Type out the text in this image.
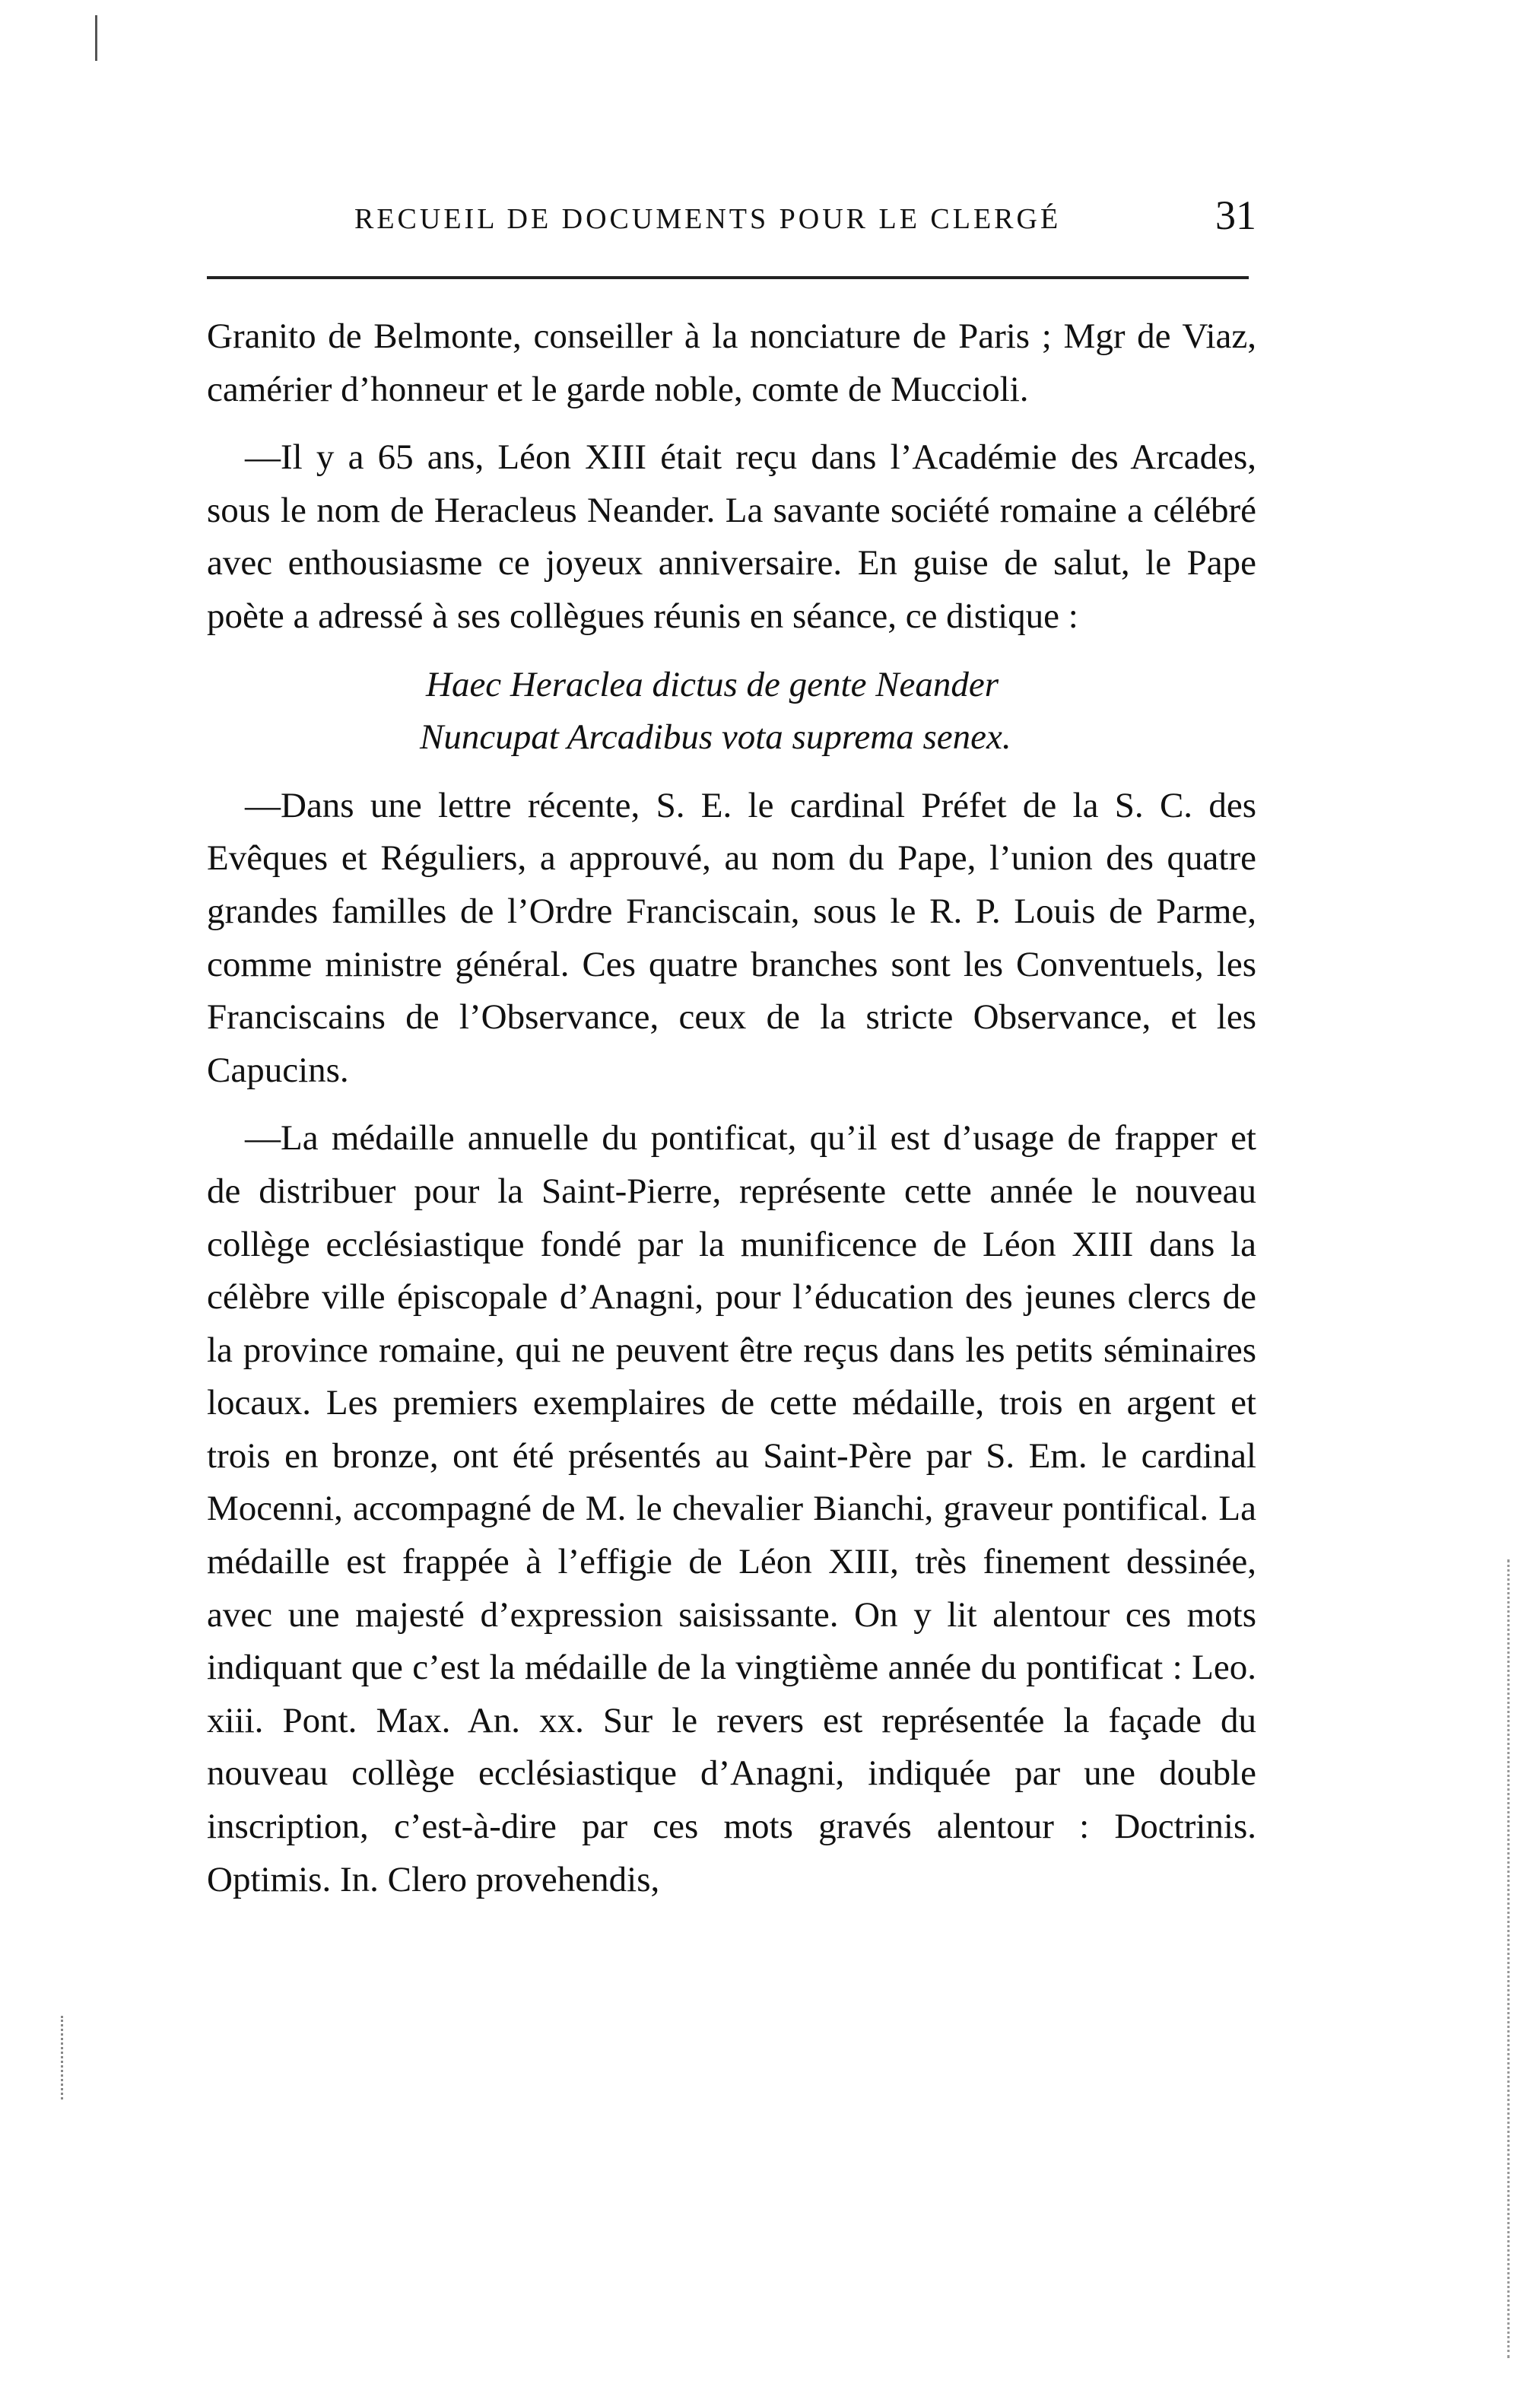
RECUEIL DE DOCUMENTS POUR LE CLERGÉ	31

Granito de Belmonte, conseiller à la nonciature de Paris ; Mgr de Viaz, camérier d’honneur et le garde noble, comte de Muccioli.

—Il y a 65 ans, Léon XIII était reçu dans l’Académie des Arcades, sous le nom de Heracleus Neander. La savante société romaine a célébré avec enthousiasme ce joyeux anniversaire. En guise de salut, le Pape poète a adressé à ses collègues réunis en séance, ce distique :

Haec Heraclea dictus de gente Neander
Nuncupat Arcadibus vota suprema senex.

—Dans une lettre récente, S. E. le cardinal Préfet de la S. C. des Evêques et Réguliers, a approuvé, au nom du Pape, l’union des quatre grandes familles de l’Ordre Franciscain, sous le R. P. Louis de Parme, comme ministre général. Ces quatre branches sont les Conventuels, les Franciscains de l’Observance, ceux de la stricte Observance, et les Capucins.

—La médaille annuelle du pontificat, qu’il est d’usage de frapper et de distribuer pour la Saint-Pierre, représente cette année le nouveau collège ecclésiastique fondé par la munificence de Léon XIII dans la célèbre ville épiscopale d’Anagni, pour l’éducation des jeunes clercs de la province romaine, qui ne peuvent être reçus dans les petits séminaires locaux. Les premiers exemplaires de cette médaille, trois en argent et trois en bronze, ont été présentés au Saint-Père par S. Em. le cardinal Mocenni, accompagné de M. le chevalier Bianchi, graveur pontifical. La médaille est frappée à l’effigie de Léon XIII, très finement dessinée, avec une majesté d’expression saisissante. On y lit alentour ces mots indiquant que c’est la médaille de la vingtième année du pontificat : Leo. xiii. Pont. Max. An. xx. Sur le revers est représentée la façade du nouveau collège ecclésiastique d’Anagni, indiquée par une double inscription, c’est-à-dire par ces mots gravés alentour : Doctrinis. Optimis. In. Clero provehendis,
